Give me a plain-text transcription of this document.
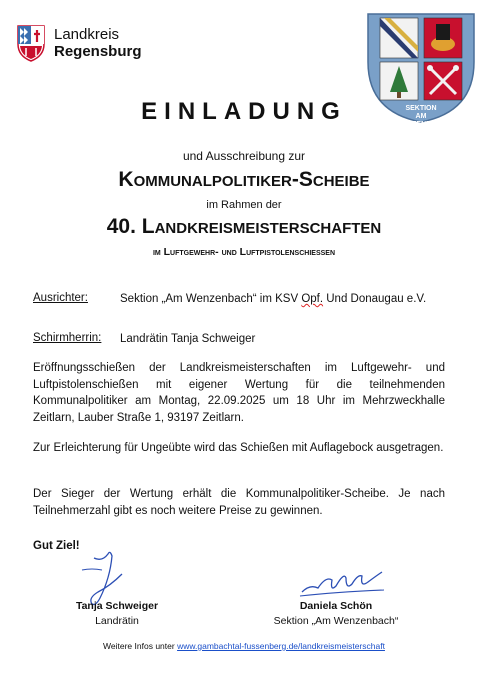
Landkreis
Regensburg
SEKTION
AM
WENZENBACH
EINLADUNG
und Ausschreibung zur
Kommunalpolitiker-Scheibe
im Rahmen der
40. Landkreismeisterschaften
im Luftgewehr- und Luftpistolenschießen
Ausrichter:	Sektion „Am Wenzenbach“ im KSV Opf. Und Donaugau e.V.
Schirmherrin: Landrätin Tanja Schweiger
Eröffnungsschießen der Landkreismeisterschaften im Luftgewehr- und Luftpistolenschießen mit eigener Wertung für die teilnehmenden Kommunalpolitiker am Montag, 22.09.2025 um 18 Uhr im Mehrzweckhalle Zeitlarn, Lauber Straße 1, 93197 Zeitlarn.
Zur Erleichterung für Ungeübte wird das Schießen mit Auflagebock ausgetragen.
Der Sieger der Wertung erhält die Kommunalpolitiker-Scheibe. Je nach Teilnehmerzahl gibt es noch weitere Preise zu gewinnen.
Gut Ziel!
Tanja Schweiger
Landrätin
Daniela Schön
Sektion „Am Wenzenbach“
Weitere Infos unter www.gambachtal-fussenberg.de/landkreismeisterschaft
